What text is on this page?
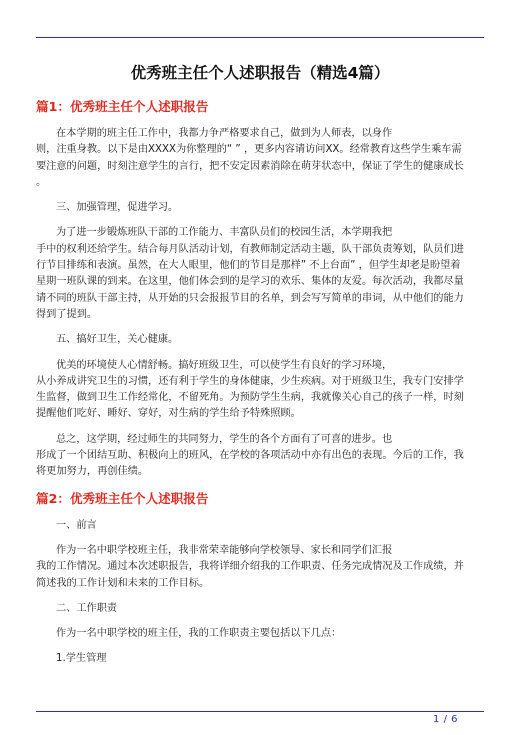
优秀班主任个人述职报告（精选4篇）
篇1：优秀班主任个人述职报告
在本学期的班主任工作中，我都力争严格要求自己，做到为人师表，以身作
则，注重身教。以下是由XXXX为你整理的“ ” ，更多内容请访问XX。经常教育这些学生乘车需
要注意的问题，时刻注意学生的言行，把不安定因素消除在萌芽状态中，保证了学生的健康成长
。
三、加强管理，促进学习。
为了进一步锻炼班队干部的工作能力、丰富队员们的校园生活，本学期我把
手中的权利还给学生。结合每月队活动计划，有教师制定活动主题，队干部负责筹划，队员们进
行节目排练和表演。虽然，在大人眼里，他们的节目是那样” 不上台面” ，但学生却老是盼望着
星期一班队课的到来。在这里，他们体会到的是学习的欢乐、集体的友爱。每次活动，我都尽量
请不同的班队干部主持，从开始的只会报报节目的名单，到会写写简单的串词，从中他们的能力
得到了提到。
五、搞好卫生，关心健康。
优美的环境使人心情舒畅。搞好班级卫生，可以使学生有良好的学习环境，
从小养成讲究卫生的习惯，还有利于学生的身体健康，少生疾病。对于班级卫生，我专门安排学
生监督，做到卫生工作经常化，不留死角。为预防学生生病，我就像关心自己的孩子一样，时刻
提醒他们吃好、睡好、穿好，对生病的学生给予特殊照顾。
总之，这学期，经过师生的共同努力，学生的各个方面有了可喜的进步。也
形成了一个团结互助、积极向上的班风，在学校的各项活动中亦有出色的表现。今后的工作，我
将更加努力，再创佳绩。
篇2：优秀班主任个人述职报告
一、前言
作为一名中职学校班主任，我非常荣幸能够向学校领导、家长和同学们汇报
我的工作情况。通过本次述职报告，我将详细介绍我的工作职责、任务完成情况及工作成绩，并
简述我的工作计划和未来的工作目标。
二、工作职责
作为一名中职学校的班主任，我的工作职责主要包括以下几点：
1.学生管理
1 / 6
